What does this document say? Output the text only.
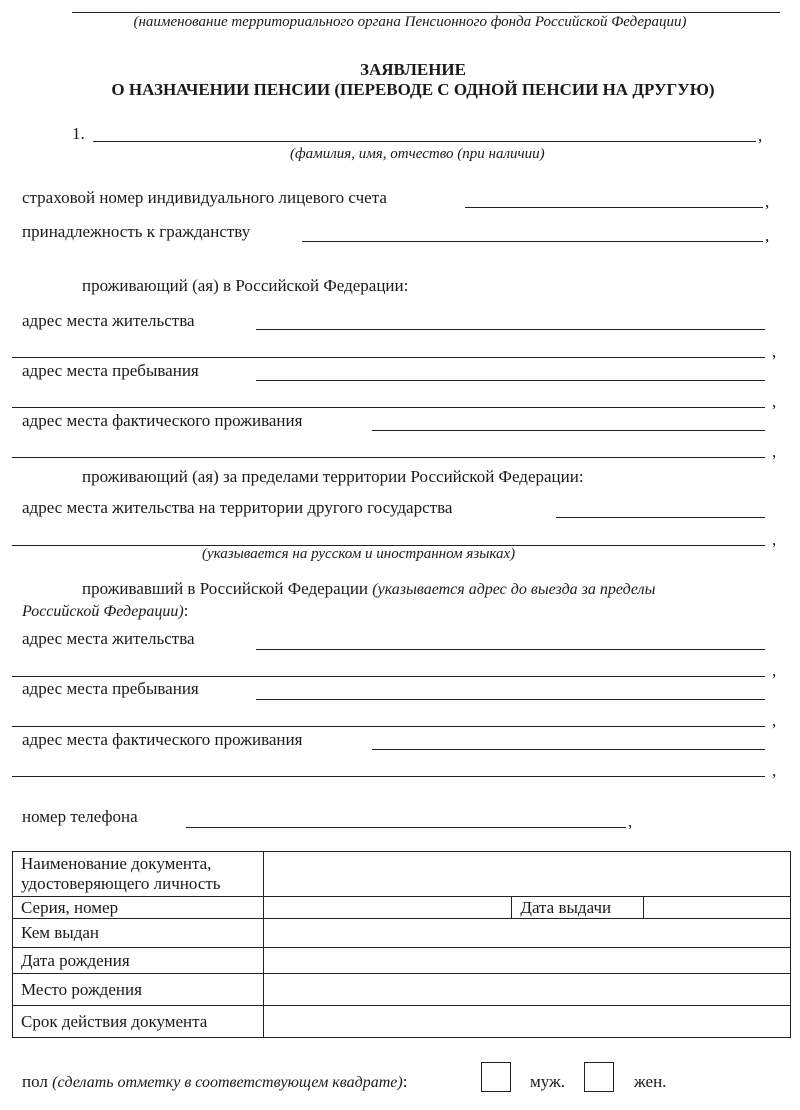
(наименование территориального органа Пенсионного фонда Российской Федерации)
ЗАЯВЛЕНИЕ
О НАЗНАЧЕНИИ ПЕНСИИ (ПЕРЕВОДЕ С ОДНОЙ ПЕНСИИ НА ДРУГУЮ)
1.	,
(фамилия, имя, отчество (при наличии)
страховой номер индивидуального лицевого счета	,
принадлежность к гражданству	,
проживающий (ая) в Российской Федерации:
адрес места жительства
,
адрес места пребывания
,
адрес места фактического проживания
,
проживающий (ая) за пределами территории Российской Федерации:
адрес места жительства на территории другого государства
,
(указывается на русском и иностранном языках)
проживавший в Российской Федерации (указывается адрес до выезда за пределы
Российской Федерации):
адрес места жительства
,
адрес места пребывания
,
адрес места фактического проживания
,
номер телефона	,
Наименование документа,
удостоверяющего личность			
Серия, номер		Дата выдачи	
Кем выдан			
Дата рождения			
Место рождения			
Срок действия документа			
пол (сделать отметку в соответствующем квадрате):	муж.	жен.
